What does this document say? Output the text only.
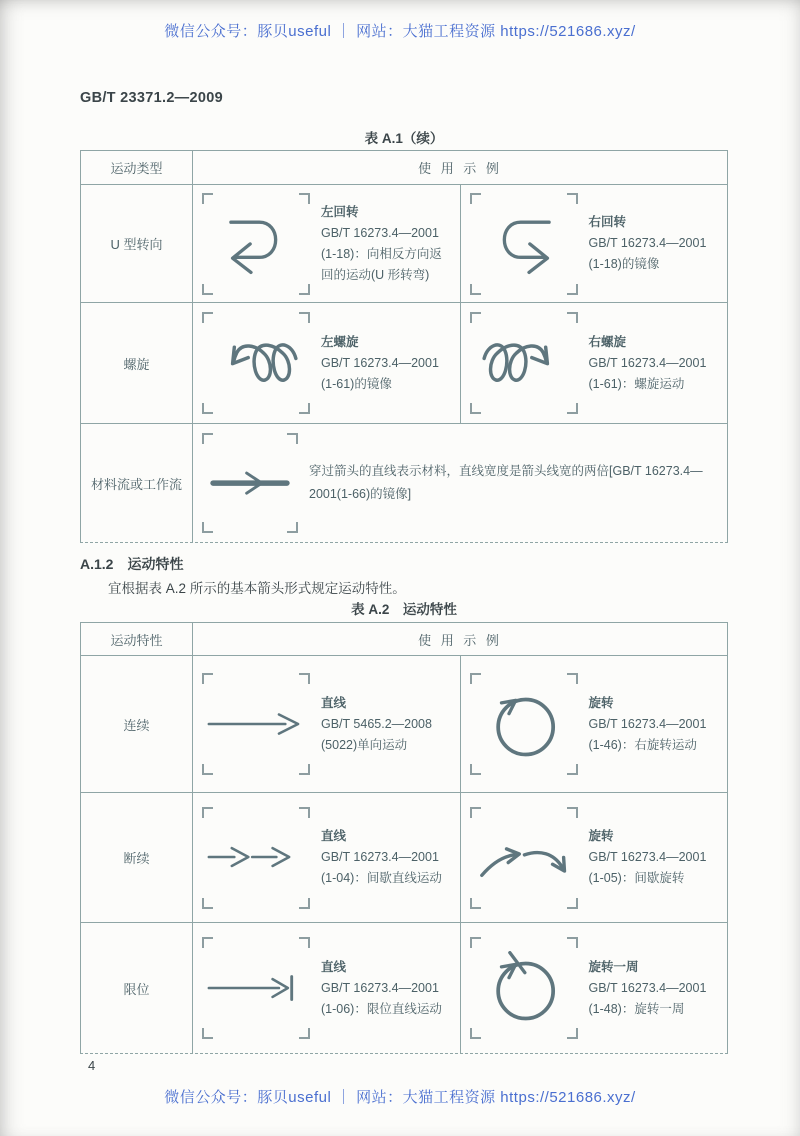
微信公众号：豚贝useful ｜ 网站：大猫工程资源 https://521686.xyz/
GB/T 23371.2—2009
表 A.1（续）
运动类型	使 用 示 例
U 型转向
左回转
GB/T 16273.4—2001
(1-18)：向相反方向返
回的运动(U 形转弯)
右回转
GB/T 16273.4—2001
(1-18)的镜像
螺旋
左螺旋
GB/T 16273.4—2001
(1-61)的镜像
右螺旋
GB/T 16273.4—2001
(1-61)：螺旋运动
材料流或工作流
穿过箭头的直线表示材料，直线宽度是箭头线宽的两倍[GB/T 16273.4—
2001(1-66)的镜像]
A.1.2　运动特性
宜根据表 A.2 所示的基本箭头形式规定运动特性。
表 A.2　运动特性
运动特性	使 用 示 例
连续
直线
GB/T 5465.2—2008
(5022)单向运动
旋转
GB/T 16273.4—2001
(1-46)：右旋转运动
断续
直线
GB/T 16273.4—2001
(1-04)：间歇直线运动
旋转
GB/T 16273.4—2001
(1-05)：间歇旋转
限位
直线
GB/T 16273.4—2001
(1-06)：限位直线运动
旋转一周
GB/T 16273.4—2001
(1-48)：旋转一周
4
微信公众号：豚贝useful ｜ 网站：大猫工程资源 https://521686.xyz/
